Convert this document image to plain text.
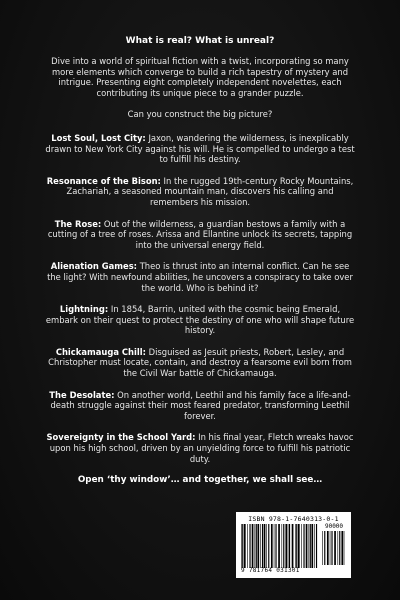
What is real? What is unreal?

Dive into a world of spiritual fiction with a twist, incorporating so many more elements which converge to build a rich tapestry of mystery and intrigue. Presenting eight completely independent novelettes, each contributing its unique piece to a grander puzzle.

Can you construct the big picture?

Lost Soul, Lost City: Jaxon, wandering the wilderness, is inexplicably drawn to New York City against his will. He is compelled to undergo a test to fulfill his destiny.
Resonance of the Bison: In the rugged 19th-century Rocky Mountains, Zachariah, a seasoned mountain man, discovers his calling and remembers his mission.
The Rose: Out of the wilderness, a guardian bestows a family with a cutting of a tree of roses. Arissa and Ellantine unlock its secrets, tapping into the universal energy field.
Alienation Games: Theo is thrust into an internal conflict. Can he see the light? With newfound abilities, he uncovers a conspiracy to take over the world. Who is behind it?
Lightning: In 1854, Barrin, united with the cosmic being Emerald, embark on their quest to protect the destiny of one who will shape future history.
Chickamauga Chill: Disguised as Jesuit priests, Robert, Lesley, and Christopher must locate, contain, and destroy a fearsome evil born from the Civil War battle of Chickamauga.
The Desolate: On another world, Leethil and his family face a life-and-death struggle against their most feared predator, transforming Leethil forever.
Sovereignty in the School Yard: In his final year, Fletch wreaks havoc upon his high school, driven by an unyielding force to fulfill his patriotic duty.

Open ‘thy window’… and together, we shall see…

ISBN 978-1-7640313-0-1
90000
9 781764 031301
